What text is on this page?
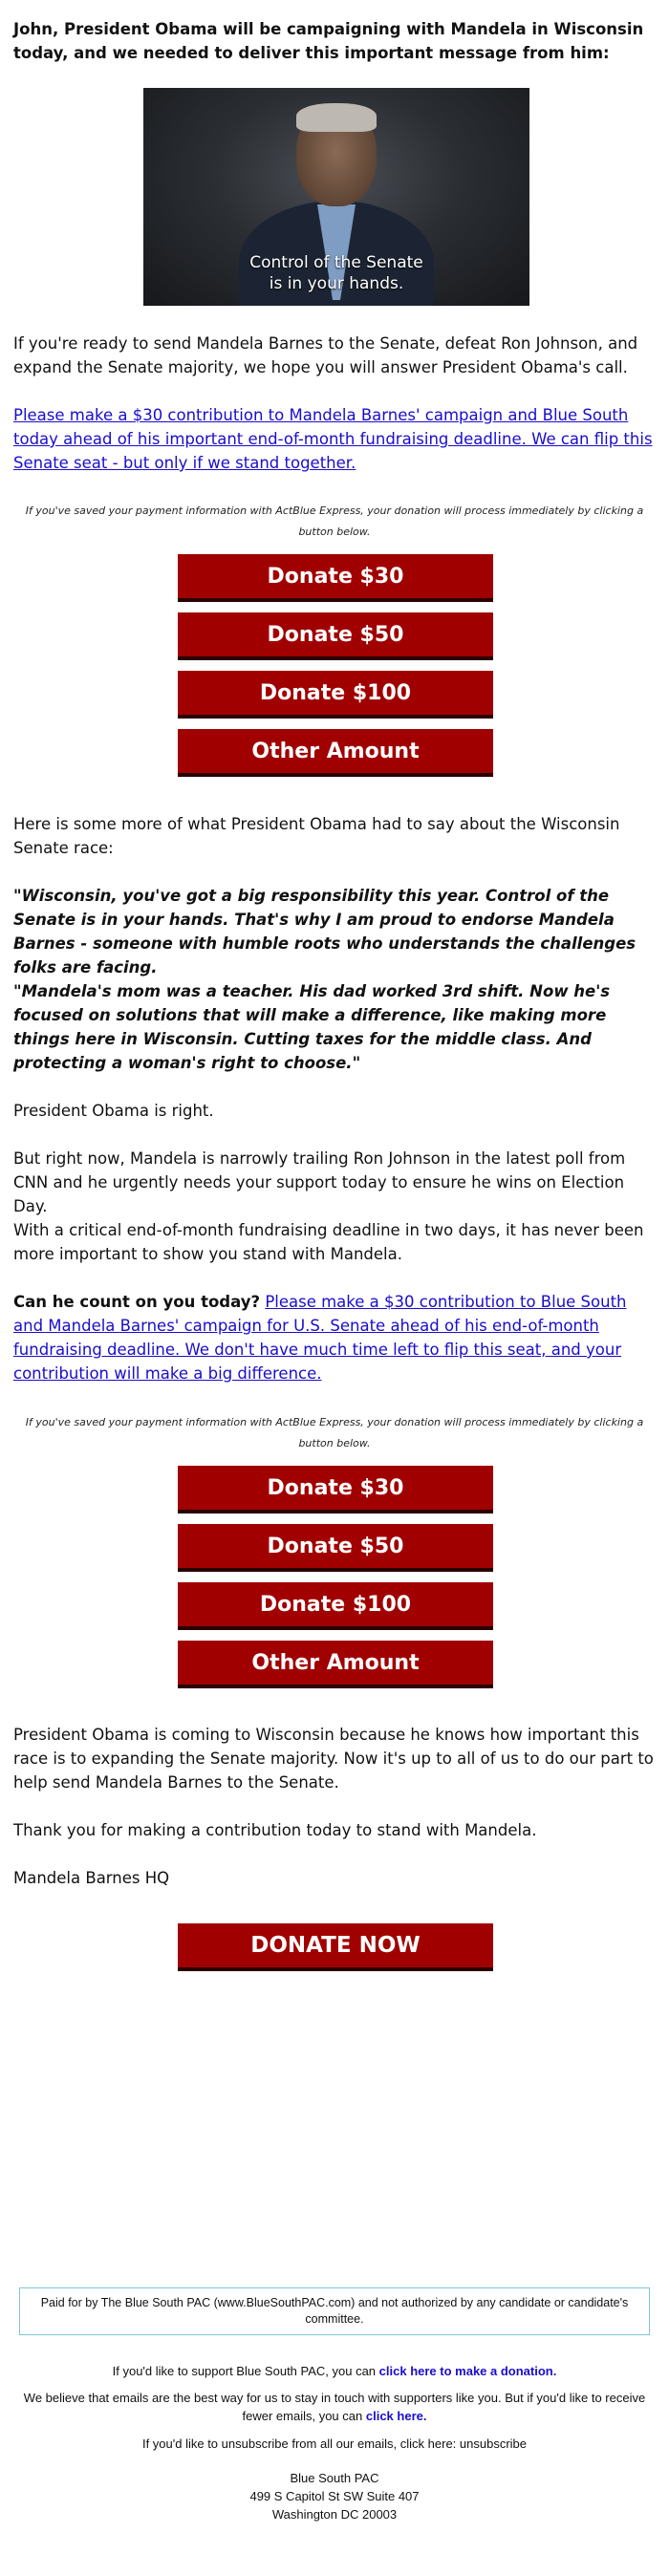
John, President Obama will be campaigning with Mandela in Wisconsin today, and we needed to deliver this important message from him:

Control of the Senate
is in your hands.

If you're ready to send Mandela Barnes to the Senate, defeat Ron Johnson, and expand the Senate majority, we hope you will answer President Obama's call.

Please make a $30 contribution to Mandela Barnes' campaign and Blue South today ahead of his important end-of-month fundraising deadline. We can flip this Senate seat - but only if we stand together.

If you've saved your payment information with ActBlue Express, your donation will process immediately by clicking a button below.
Donate $30
Donate $50
Donate $100
Other Amount

Here is some more of what President Obama had to say about the Wisconsin Senate race:

"Wisconsin, you've got a big responsibility this year. Control of the Senate is in your hands. That's why I am proud to endorse Mandela Barnes - someone with humble roots who understands the challenges folks are facing.

"Mandela's mom was a teacher. His dad worked 3rd shift. Now he's focused on solutions that will make a difference, like making more things here in Wisconsin. Cutting taxes for the middle class. And protecting a woman's right to choose."

President Obama is right.

But right now, Mandela is narrowly trailing Ron Johnson in the latest poll from CNN and he urgently needs your support today to ensure he wins on Election Day.

With a critical end-of-month fundraising deadline in two days, it has never been more important to show you stand with Mandela.

Can he count on you today? Please make a $30 contribution to Blue South and Mandela Barnes' campaign for U.S. Senate ahead of his end-of-month fundraising deadline. We don't have much time left to flip this seat, and your contribution will make a big difference.

If you've saved your payment information with ActBlue Express, your donation will process immediately by clicking a button below.
Donate $30
Donate $50
Donate $100
Other Amount

President Obama is coming to Wisconsin because he knows how important this race is to expanding the Senate majority. Now it's up to all of us to do our part to help send Mandela Barnes to the Senate.

Thank you for making a contribution today to stand with Mandela.

Mandela Barnes HQ

DONATE NOW
Paid for by The Blue South PAC (www.BlueSouthPAC.com) and not authorized by any candidate or candidate's committee.
If you'd like to support Blue South PAC, you can click here to make a donation.
We believe that emails are the best way for us to stay in touch with supporters like you. But if you'd like to receive fewer emails, you can click here.
If you'd like to unsubscribe from all our emails, click here: unsubscribe
Blue South PAC
499 S Capitol St SW Suite 407
Washington DC 20003
